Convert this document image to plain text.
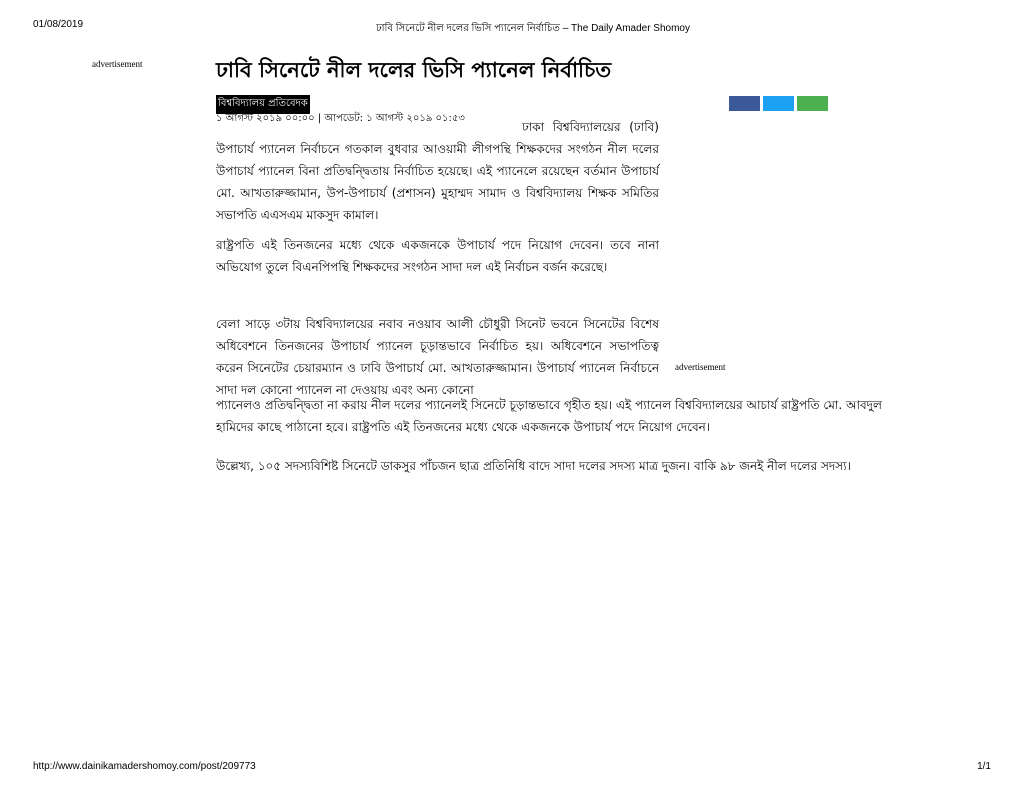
01/08/2019	ঢাবি সিনেটে নীল দলের ভিসি প্যানেল নির্বাচিত – The Daily Amader Shomoy
advertisement	ঢাবি সিনেটে নীল দলের ভিসি প্যানেল নির্বাচিত
বিশ্ববিদ্যালয় প্রতিবেদক
১ আগস্ট ২০১৯ ০০:০০ | আপডেট: ১ আগস্ট ২০১৯ ০১:৫৩

ঢাকা বিশ্ববিদ্যালয়ের (ঢাবি) উপাচার্য প্যানেল নির্বাচনে গতকাল বুধবার আওয়ামী লীগপন্থি শিক্ষকদের সংগঠন নীল দলের উপাচার্য প্যানেল বিনা প্রতিদ্বন্দ্বিতায় নির্বাচিত হয়েছে। এই প্যানেলে রয়েছেন বর্তমান উপাচার্য মো. আখতারুজ্জামান, উপ-উপাচার্য (প্রশাসন) মুহাম্মদ সামাদ ও বিশ্ববিদ্যালয় শিক্ষক সমিতির সভাপতি এএসএম মাকসুদ কামাল।

রাষ্ট্রপতি এই তিনজনের মধ্যে থেকে একজনকে উপাচার্য পদে নিয়োগ দেবেন। তবে নানা অভিযোগ তুলে বিএনপিপন্থি শিক্ষকদের সংগঠন সাদা দল এই নির্বাচন বর্জন করেছে।

বেলা সাড়ে ৩টায় বিশ্ববিদ্যালয়ের নবাব নওয়াব আলী চৌধুরী সিনেট ভবনে সিনেটের বিশেষ অধিবেশনে তিনজনের উপাচার্য প্যানেল চূড়ান্তভাবে নির্বাচিত হয়। অধিবেশনে সভাপতিত্ব করেন সিনেটের চেয়ারম্যান ও ঢাবি উপাচার্য মো. আখতারুজ্জামান। উপাচার্য প্যানেল নির্বাচনে সাদা দল কোনো প্যানেল না দেওয়ায় এবং অন্য কোনো

advertisement
প্যানেলও প্রতিদ্বন্দ্বিতা না করায় নীল দলের প্যানেলই সিনেটে চূড়ান্তভাবে গৃহীত হয়। এই প্যানেল বিশ্ববিদ্যালয়ের আচার্য রাষ্ট্রপতি মো. আবদুল
হামিদের কাছে পাঠানো হবে। রাষ্ট্রপতি এই তিনজনের মধ্যে থেকে একজনকে উপাচার্য পদে নিয়োগ দেবেন।

উল্লেখ্য, ১০৫ সদস্যবিশিষ্ট সিনেটে ডাকসুর পাঁচজন ছাত্র প্রতিনিধি বাদে সাদা দলের সদস্য মাত্র দুজন। বাকি ৯৮ জনই নীল দলের সদস্য।

http://www.dainikamadershomoy.com/post/209773	1/1
